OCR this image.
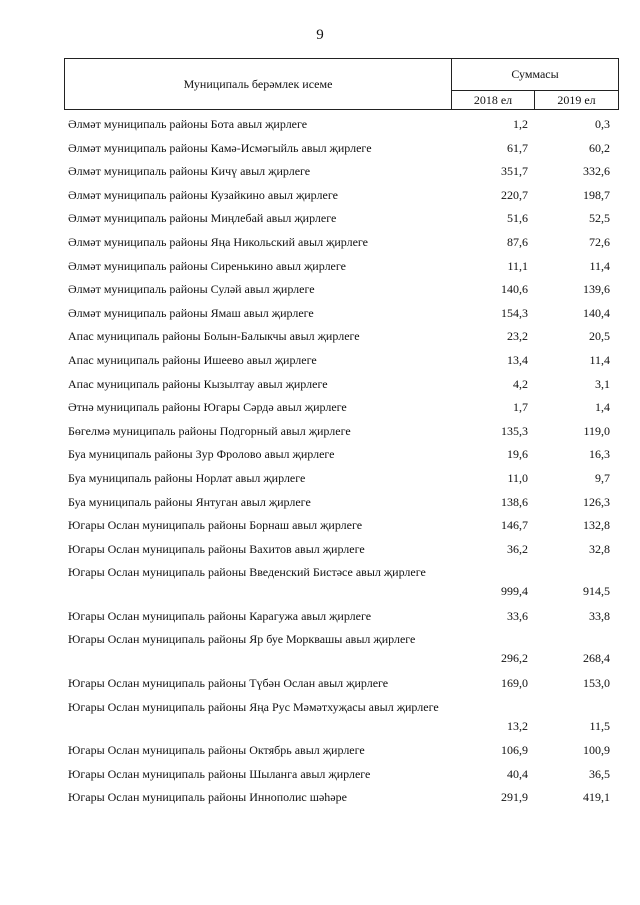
9
Муниципаль берәмлек исеме
Суммасы
2018 ел	2019 ел
Әлмәт муниципаль районы Бота авыл җирлеге	1,2	0,3
Әлмәт муниципаль районы Камә-Исмәгыйль авыл җирлеге	61,7	60,2
Әлмәт муниципаль районы Кичү авыл җирлеге	351,7	332,6
Әлмәт муниципаль районы Кузайкино авыл җирлеге	220,7	198,7
Әлмәт муниципаль районы Миңлебай авыл җирлеге	51,6	52,5
Әлмәт муниципаль районы Яңа Никольский авыл җирлеге	87,6	72,6
Әлмәт муниципаль районы Сиренькино авыл җирлеге	11,1	11,4
Әлмәт муниципаль районы Суләй авыл җирлеге	140,6	139,6
Әлмәт муниципаль районы Ямаш авыл җирлеге	154,3	140,4
Апас муниципаль районы Болын-Балыкчы авыл җирлеге	23,2	20,5
Апас муниципаль районы Ишеево авыл җирлеге	13,4	11,4
Апас муниципаль районы Кызылтау авыл җирлеге	4,2	3,1
Әтнә муниципаль районы Югары Сәрдә авыл җирлеге	1,7	1,4
Бөгелмә муниципаль районы Подгорный авыл җирлеге	135,3	119,0
Буа муниципаль районы Зур Фролово авыл җирлеге	19,6	16,3
Буа муниципаль районы Норлат авыл җирлеге	11,0	9,7
Буа муниципаль районы Янтуган авыл җирлеге	138,6	126,3
Югары Ослан муниципаль районы Борнаш авыл җирлеге	146,7	132,8
Югары Ослан муниципаль районы Вахитов авыл җирлеге	36,2	32,8
Югары Ослан муниципаль районы Введенский Бистәсе авыл җирлеге
999,4	914,5
Югары Ослан муниципаль районы Карагужа авыл җирлеге	33,6	33,8
Югары Ослан муниципаль районы Яр буе Морквашы авыл җирлеге
296,2	268,4
Югары Ослан муниципаль районы Түбән Ослан авыл җирлеге	169,0	153,0
Югары Ослан муниципаль районы Яңа Рус Мәмәтхуҗасы авыл җирлеге
13,2	11,5
Югары Ослан муниципаль районы Октябрь авыл җирлеге	106,9	100,9
Югары Ослан муниципаль районы Шыланга авыл җирлеге	40,4	36,5
Югары Ослан муниципаль районы Иннополис шәһәре	291,9	419,1
